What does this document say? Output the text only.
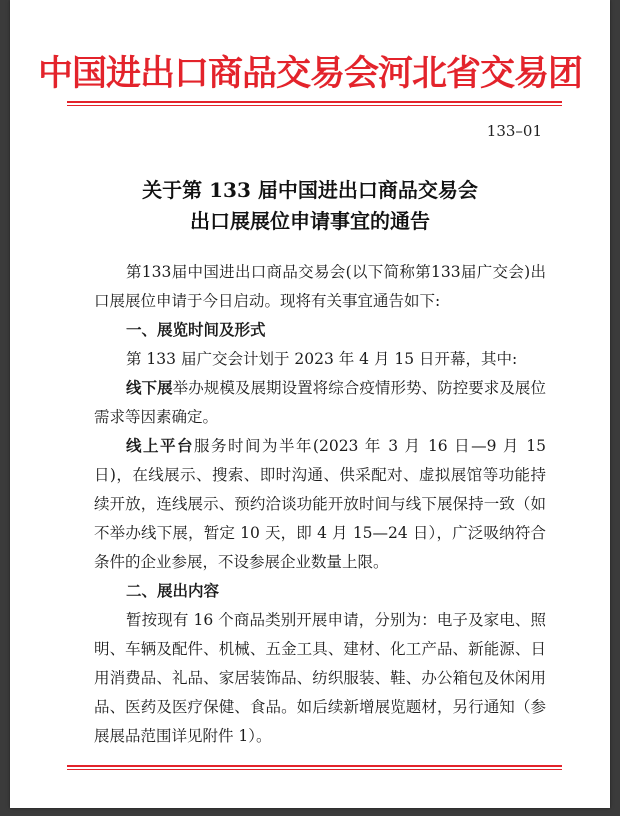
中国进出口商品交易会河北省交易团
133–01
关于第 133 届中国进出口商品交易会
出口展展位申请事宜的通告

第133届中国进出口商品交易会(以下简称第133届广交会)出口展展位申请于今日启动。现将有关事宜通告如下:

一、展览时间及形式

第 133 届广交会计划于 2023 年 4 月 15 日开幕，其中:

线下展举办规模及展期设置将综合疫情形势、防控要求及展位需求等因素确定。

线上平台服务时间为半年(2023 年 3 月 16 日—9 月 15 日)，在线展示、搜索、即时沟通、供采配对、虚拟展馆等功能持续开放，连线展示、预约洽谈功能开放时间与线下展保持一致（如不举办线下展，暂定 10 天，即 4 月 15—24 日），广泛吸纳符合条件的企业参展，不设参展企业数量上限。

二、展出内容

暂按现有 16 个商品类别开展申请，分别为：电子及家电、照明、车辆及配件、机械、五金工具、建材、化工产品、新能源、日用消费品、礼品、家居装饰品、纺织服装、鞋、办公箱包及休闲用品、医药及医疗保健、食品。如后续新增展览题材，另行通知（参展展品范围详见附件 1）。
